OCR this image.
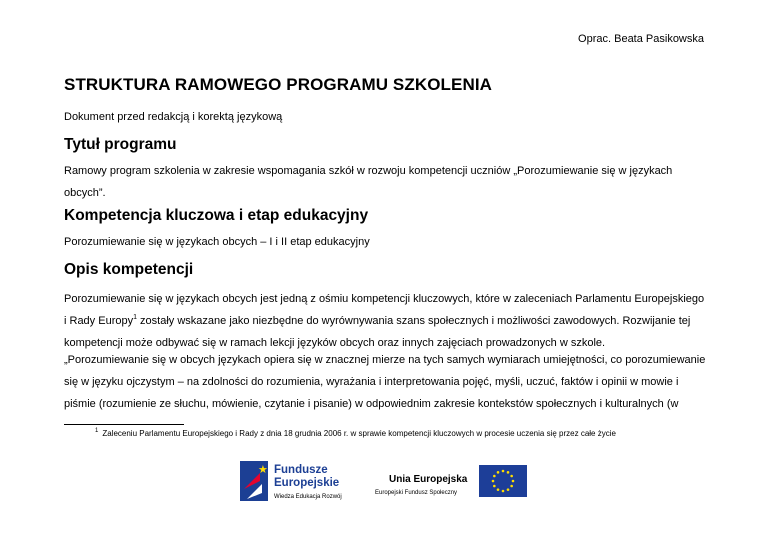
Oprac. Beata Pasikowska
STRUKTURA RAMOWEGO PROGRAMU SZKOLENIA
Dokument przed redakcją i korektą językową
Tytuł programu

Ramowy program szkolenia w zakresie wspomagania szkół w rozwoju kompetencji uczniów „Porozumiewanie się w językach
obcych”.

Kompetencja kluczowa i etap edukacyjny

Porozumiewanie się w językach obcych – I i II etap edukacyjny

Opis kompetencji

Porozumiewanie się w językach obcych jest jedną z ośmiu kompetencji kluczowych, które w zaleceniach Parlamentu Europejskiego
i Rady Europy$^1$ zostały wskazane jako niezbędne do wyrównywania szans społecznych i możliwości zawodowych. Rozwijanie tej
kompetencji może odbywać się w ramach lekcji języków obcych oraz innych zajęciach prowadzonych w szkole.

„Porozumiewanie się w obcych językach opiera się w znacznej mierze na tych samych wymiarach umiejętności, co porozumiewanie
się w języku ojczystym – na zdolności do rozumienia, wyrażania i interpretowania pojęć, myśli, uczuć, faktów i opinii w mowie i
piśmie (rozumienie ze słuchu, mówienie, czytanie i pisanie) w odpowiednim zakresie kontekstów społecznych i kulturalnych (w

$^1$ Zaleceniu Parlamentu Europejskiego i Rady z dnia 18 grudnia 2006 r. w sprawie kompetencji kluczowych w procesie uczenia się przez całe życie
★ Fundusze
Europejskie
Wiedza Edukacja Rozwój
Unia Europejska
Europejski Fundusz Społeczny
